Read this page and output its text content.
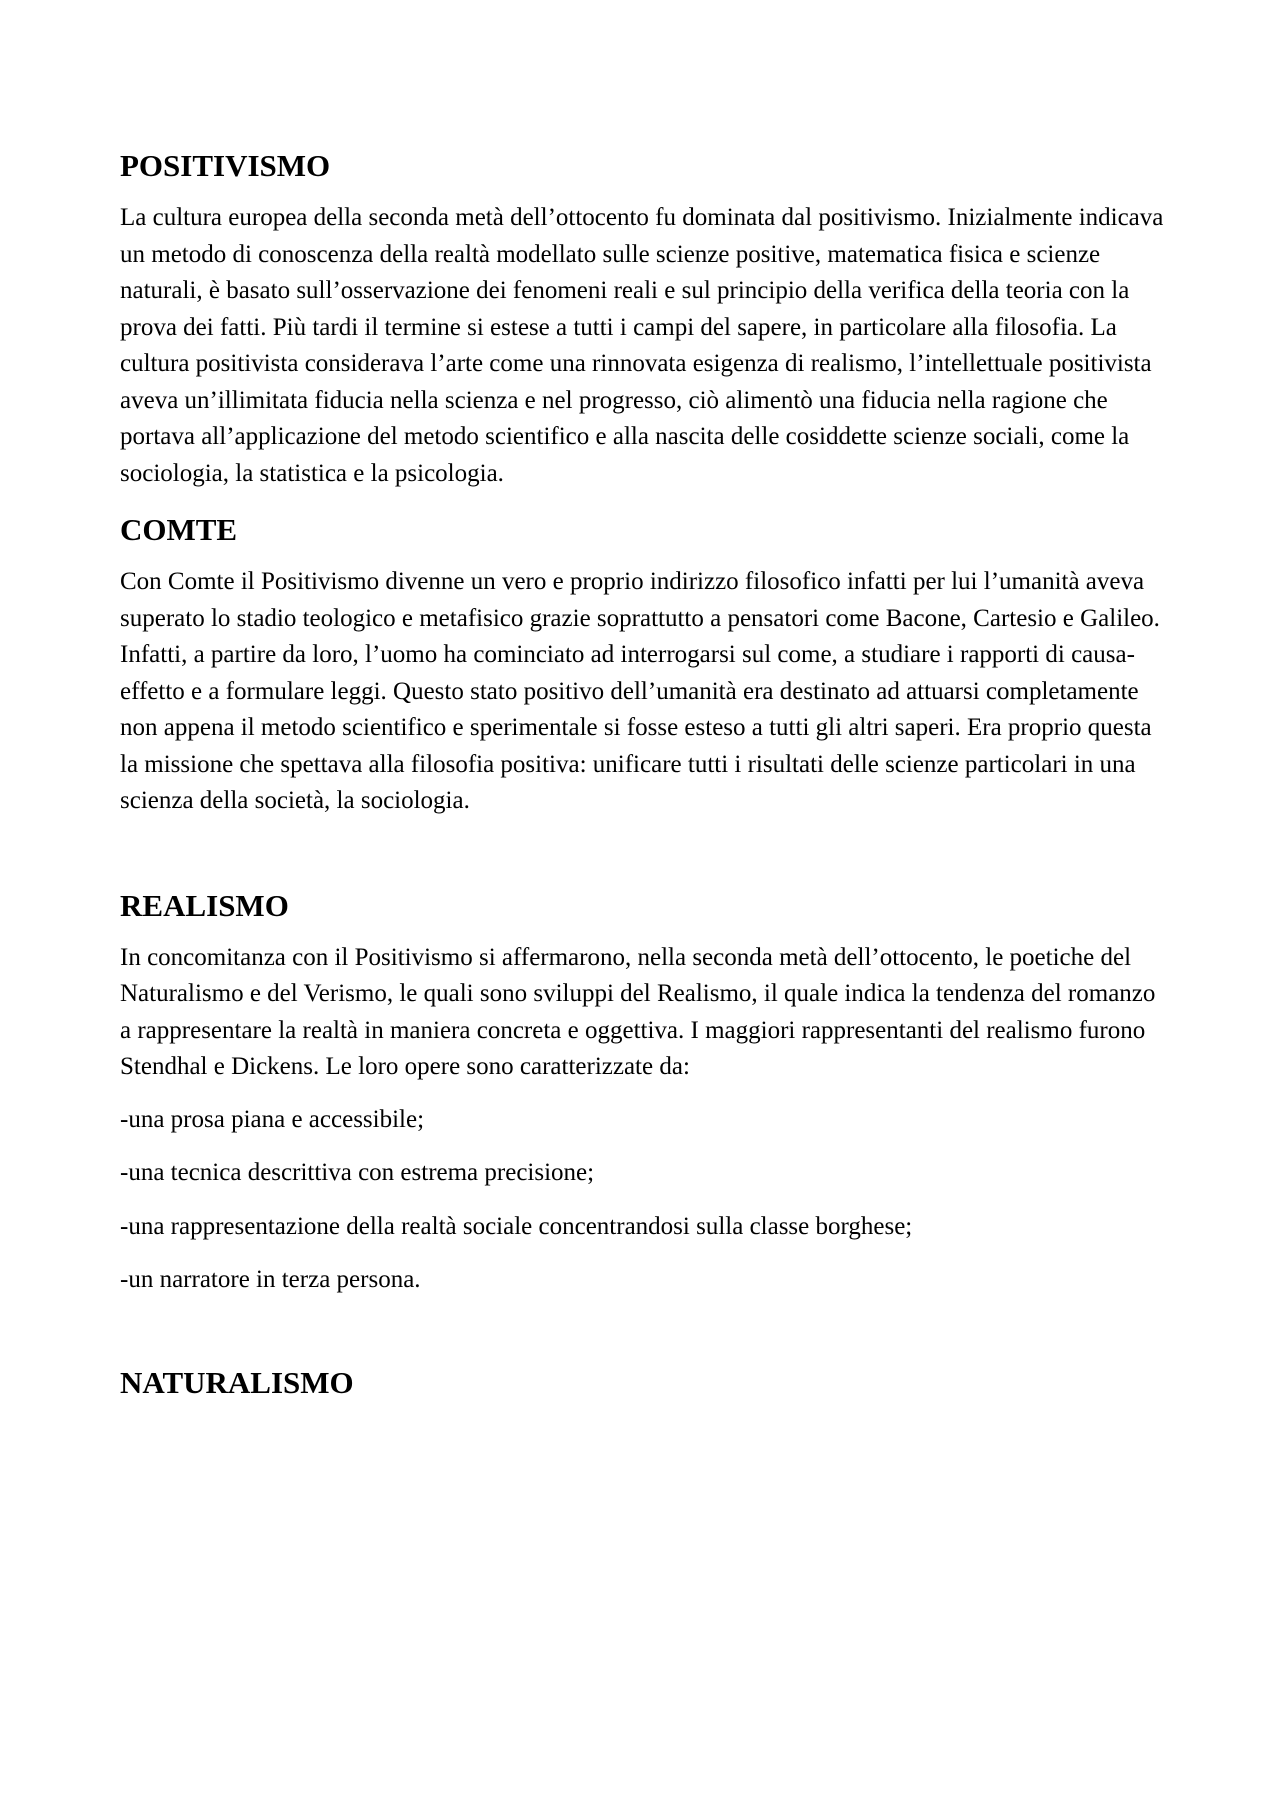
POSITIVISMO

La cultura europea della seconda metà dell’ottocento fu dominata dal positivismo. Inizialmente indicava un metodo di conoscenza della realtà modellato sulle scienze positive, matematica fisica e scienze naturali, è basato sull’osservazione dei fenomeni reali e sul principio della verifica della teoria con la prova dei fatti. Più tardi il termine si estese a tutti i campi del sapere, in particolare alla filosofia. La cultura positivista considerava l’arte come una rinnovata esigenza di realismo, l’intellettuale positivista aveva un’illimitata fiducia nella scienza e nel progresso, ciò alimentò una fiducia nella ragione che portava all’applicazione del metodo scientifico e alla nascita delle cosiddette scienze sociali, come la sociologia, la statistica e la psicologia.

COMTE

Con Comte il Positivismo divenne un vero e proprio indirizzo filosofico infatti per lui l’umanità aveva superato lo stadio teologico e metafisico grazie soprattutto a pensatori come Bacone, Cartesio e Galileo. Infatti, a partire da loro, l’uomo ha cominciato ad interrogarsi sul come, a studiare i rapporti di causa-effetto e a formulare leggi. Questo stato positivo dell’umanità era destinato ad attuarsi completamente non appena il metodo scientifico e sperimentale si fosse esteso a tutti gli altri saperi. Era proprio questa la missione che spettava alla filosofia positiva: unificare tutti i risultati delle scienze particolari in una scienza della società, la sociologia.

REALISMO

In concomitanza con il Positivismo si affermarono, nella seconda metà dell’ottocento, le poetiche del Naturalismo e del Verismo, le quali sono sviluppi del Realismo, il quale indica la tendenza del romanzo a rappresentare la realtà in maniera concreta e oggettiva. I maggiori rappresentanti del realismo furono Stendhal e Dickens. Le loro opere sono caratterizzate da:

-una prosa piana e accessibile;

-una tecnica descrittiva con estrema precisione;

-una rappresentazione della realtà sociale concentrandosi sulla classe borghese;

-un narratore in terza persona.

NATURALISMO
